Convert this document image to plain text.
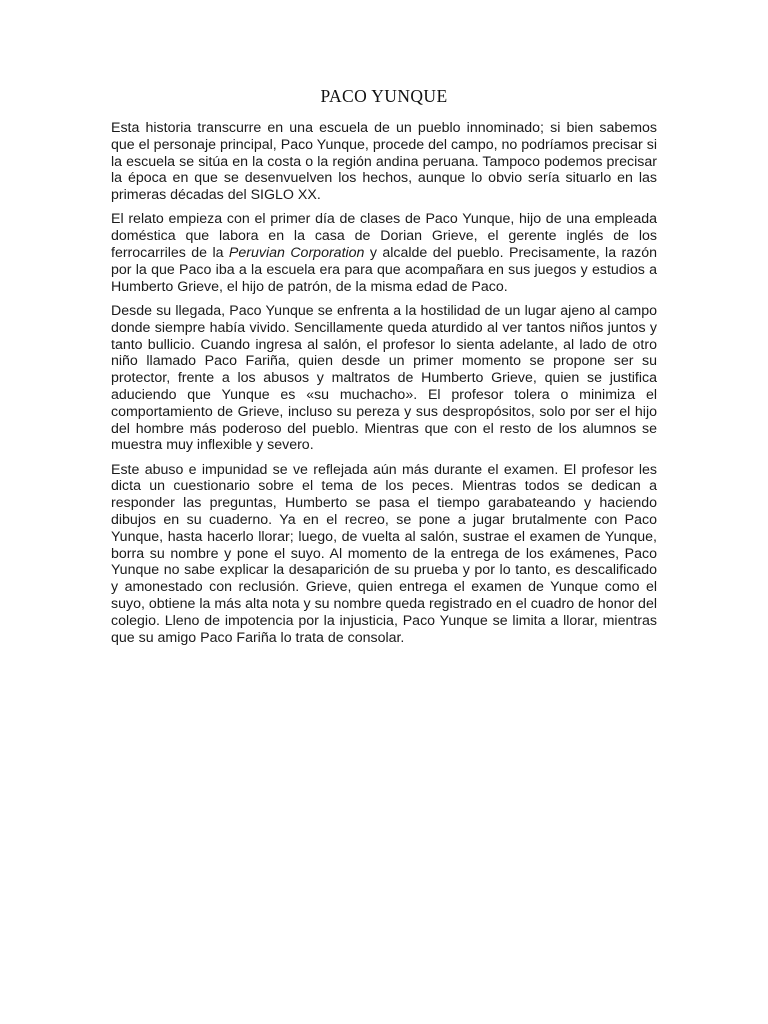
PACO YUNQUE

Esta historia transcurre en una escuela de un pueblo innominado; si bien sabemos que el personaje principal, Paco Yunque, procede del campo, no podríamos precisar si la escuela se sitúa en la costa o la región andina peruana. Tampoco podemos precisar la época en que se desenvuelven los hechos, aunque lo obvio sería situarlo en las primeras décadas del SIGLO XX.

El relato empieza con el primer día de clases de Paco Yunque, hijo de una empleada doméstica que labora en la casa de Dorian Grieve, el gerente inglés de los ferrocarriles de la Peruvian Corporation y alcalde del pueblo. Precisamente, la razón por la que Paco iba a la escuela era para que acompañara en sus juegos y estudios a Humberto Grieve, el hijo de patrón, de la misma edad de Paco.

Desde su llegada, Paco Yunque se enfrenta a la hostilidad de un lugar ajeno al campo donde siempre había vivido. Sencillamente queda aturdido al ver tantos niños juntos y tanto bullicio. Cuando ingresa al salón, el profesor lo sienta adelante, al lado de otro niño llamado Paco Fariña, quien desde un primer momento se propone ser su protector, frente a los abusos y maltratos de Humberto Grieve, quien se justifica aduciendo que Yunque es «su muchacho». El profesor tolera o minimiza el comportamiento de Grieve, incluso su pereza y sus despropósitos, solo por ser el hijo del hombre más poderoso del pueblo. Mientras que con el resto de los alumnos se muestra muy inflexible y severo.

Este abuso e impunidad se ve reflejada aún más durante el examen. El profesor les dicta un cuestionario sobre el tema de los peces. Mientras todos se dedican a responder las preguntas, Humberto se pasa el tiempo garabateando y haciendo dibujos en su cuaderno. Ya en el recreo, se pone a jugar brutalmente con Paco Yunque, hasta hacerlo llorar; luego, de vuelta al salón, sustrae el examen de Yunque, borra su nombre y pone el suyo. Al momento de la entrega de los exámenes, Paco Yunque no sabe explicar la desaparición de su prueba y por lo tanto, es descalificado y amonestado con reclusión. Grieve, quien entrega el examen de Yunque como el suyo, obtiene la más alta nota y su nombre queda registrado en el cuadro de honor del colegio. Lleno de impotencia por la injusticia, Paco Yunque se limita a llorar, mientras que su amigo Paco Fariña lo trata de consolar.
